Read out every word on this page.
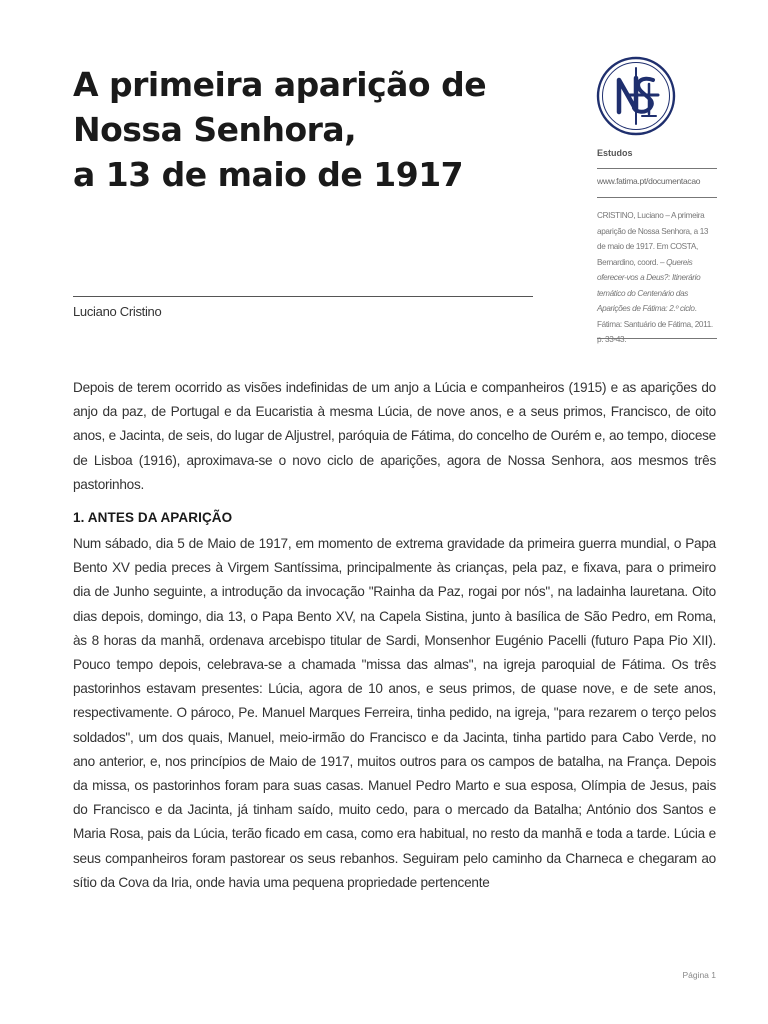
A primeira aparição de
Nossa Senhora,
a 13 de maio de 1917
Luciano Cristino
Estudos
www.fatima.pt/documentacao
CRISTINO, Luciano – A primeira aparição de Nossa Senhora, a 13 de maio de 1917. Em COSTA, Bernardino, coord. – Quereis oferecer-vos a Deus?: Itinerário temático do Centenário das Aparições de Fátima: 2.º ciclo. Fátima: Santuário de Fátima, 2011. p. 33-43.

Depois de terem ocorrido as visões indefinidas de um anjo a Lúcia e companheiros (1915) e as aparições do anjo da paz, de Portugal e da Eucaristia à mesma Lúcia, de nove anos, e a seus primos, Francisco, de oito anos, e Jacinta, de seis, do lugar de Aljustrel, paróquia de Fátima, do concelho de Ourém e, ao tempo, diocese de Lisboa (1916), aproximava-se o novo ciclo de aparições, agora de Nossa Senhora, aos mesmos três pastorinhos.

1. ANTES DA APARIÇÃO

Num sábado, dia 5 de Maio de 1917, em momento de extrema gravidade da primeira guerra mundial, o Papa Bento XV pedia preces à Virgem Santíssima, principalmente às crianças, pela paz, e fixava, para o primeiro dia de Junho seguinte, a introdução da invocação "Rainha da Paz, rogai por nós", na ladainha lauretana. Oito dias depois, domingo, dia 13, o Papa Bento XV, na Capela Sistina, junto à basílica de São Pedro, em Roma, às 8 horas da manhã, ordenava arcebispo titular de Sardi, Monsenhor Eugénio Pacelli (futuro Papa Pio XII). Pouco tempo depois, celebrava-se a chamada "missa das almas", na igreja paroquial de Fátima. Os três pastorinhos estavam presentes: Lúcia, agora de 10 anos, e seus primos, de quase nove, e de sete anos, respectivamente. O pároco, Pe. Manuel Marques Ferreira, tinha pedido, na igreja, "para rezarem o terço pelos soldados", um dos quais, Manuel, meio-irmão do Francisco e da Jacinta, tinha partido para Cabo Verde, no ano anterior, e, nos princípios de Maio de 1917, muitos outros para os campos de batalha, na França. Depois da missa, os pastorinhos foram para suas casas. Manuel Pedro Marto e sua esposa, Olímpia de Jesus, pais do Francisco e da Jacinta, já tinham saído, muito cedo, para o mercado da Batalha; António dos Santos e Maria Rosa, pais da Lúcia, terão ficado em casa, como era habitual, no resto da manhã e toda a tarde. Lúcia e seus companheiros foram pastorear os seus rebanhos. Seguiram pelo caminho da Charneca e chegaram ao sítio da Cova da Iria, onde havia uma pequena propriedade pertencente

Página 1
